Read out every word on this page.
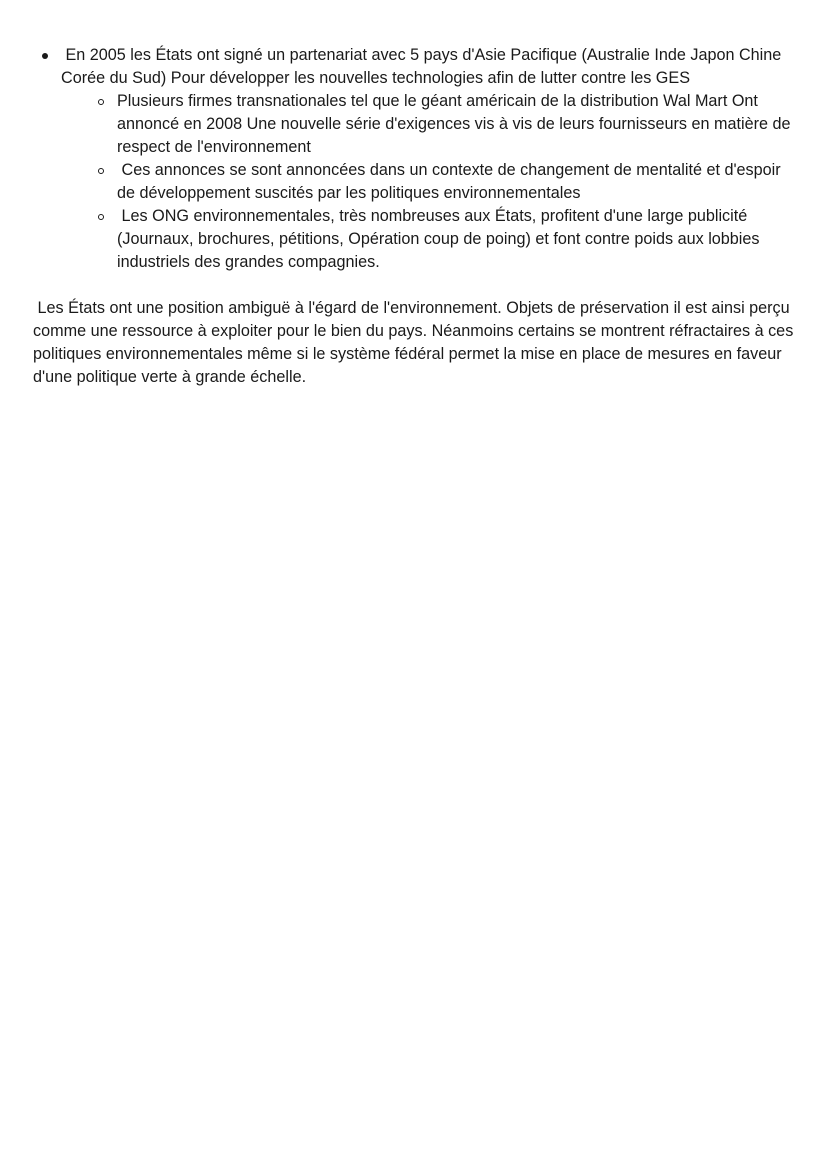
En 2005 les États ont signé un partenariat avec 5 pays d'Asie Pacifique (Australie Inde Japon Chine Corée du Sud) Pour développer les nouvelles technologies afin de lutter contre les GES
Plusieurs firmes transnationales tel que le géant américain de la distribution Wal Mart Ont annoncé en 2008 Une nouvelle série d'exigences vis à vis de leurs fournisseurs en matière de respect de l'environnement
Ces annonces se sont annoncées dans un contexte de changement de mentalité et d'espoir de développement suscités par les politiques environnementales
Les ONG environnementales, très nombreuses aux États, profitent d'une large publicité (Journaux, brochures, pétitions, Opération coup de poing) et font contre poids aux lobbies industriels des grandes compagnies.

Les États ont une position ambiguë à l'égard de l'environnement. Objets de préservation il est ainsi perçu comme une ressource à exploiter pour le bien du pays. Néanmoins certains se montrent réfractaires à ces politiques environnementales même si le système fédéral permet la mise en place de mesures en faveur d'une politique verte à grande échelle.
